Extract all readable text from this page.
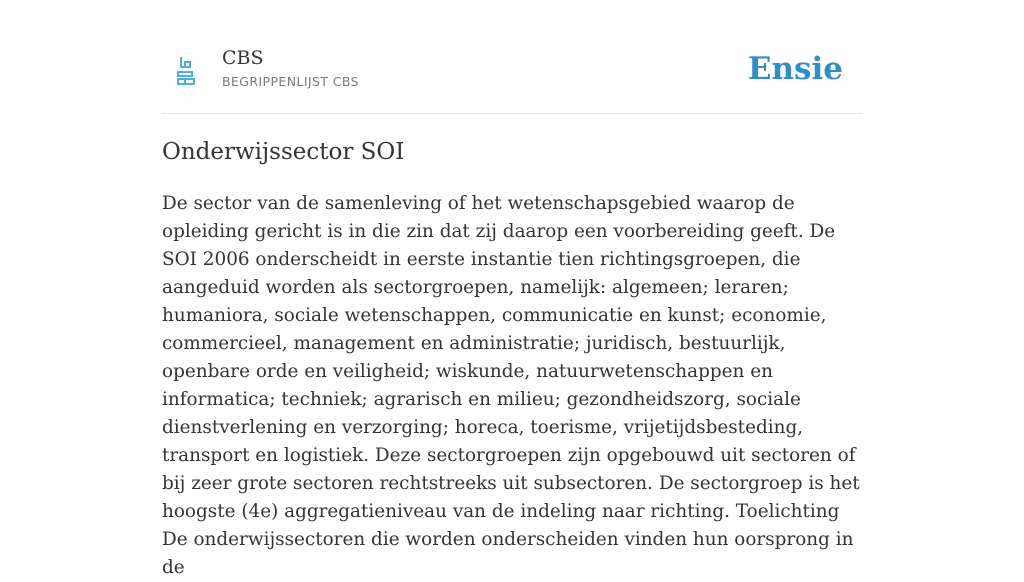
CBS
BEGRIPPENLIJST CBS	Ensie
Onderwijssector SOI

De sector van de samenleving of het wetenschapsgebied waarop de opleiding gericht is in die zin dat zij daarop een voorbereiding geeft. De SOI 2006 onderscheidt in eerste instantie tien richtingsgroepen, die aangeduid worden als sectorgroepen, namelijk: algemeen; leraren; humaniora, sociale wetenschappen, communicatie en kunst; economie, commercieel, management en administratie; juridisch, bestuurlijk, openbare orde en veiligheid; wiskunde, natuurwetenschappen en informatica; techniek; agrarisch en milieu; gezondheidszorg, sociale dienstverlening en verzorging; horeca, toerisme, vrijetijdsbesteding, transport en logistiek. Deze sectorgroepen zijn opgebouwd uit sectoren of bij zeer grote sectoren rechtstreeks uit subsectoren. De sectorgroep is het hoogste (4e) aggregatieniveau van de indeling naar richting. Toelichting De onderwijssectoren die worden onderscheiden vinden hun oorsprong in de
